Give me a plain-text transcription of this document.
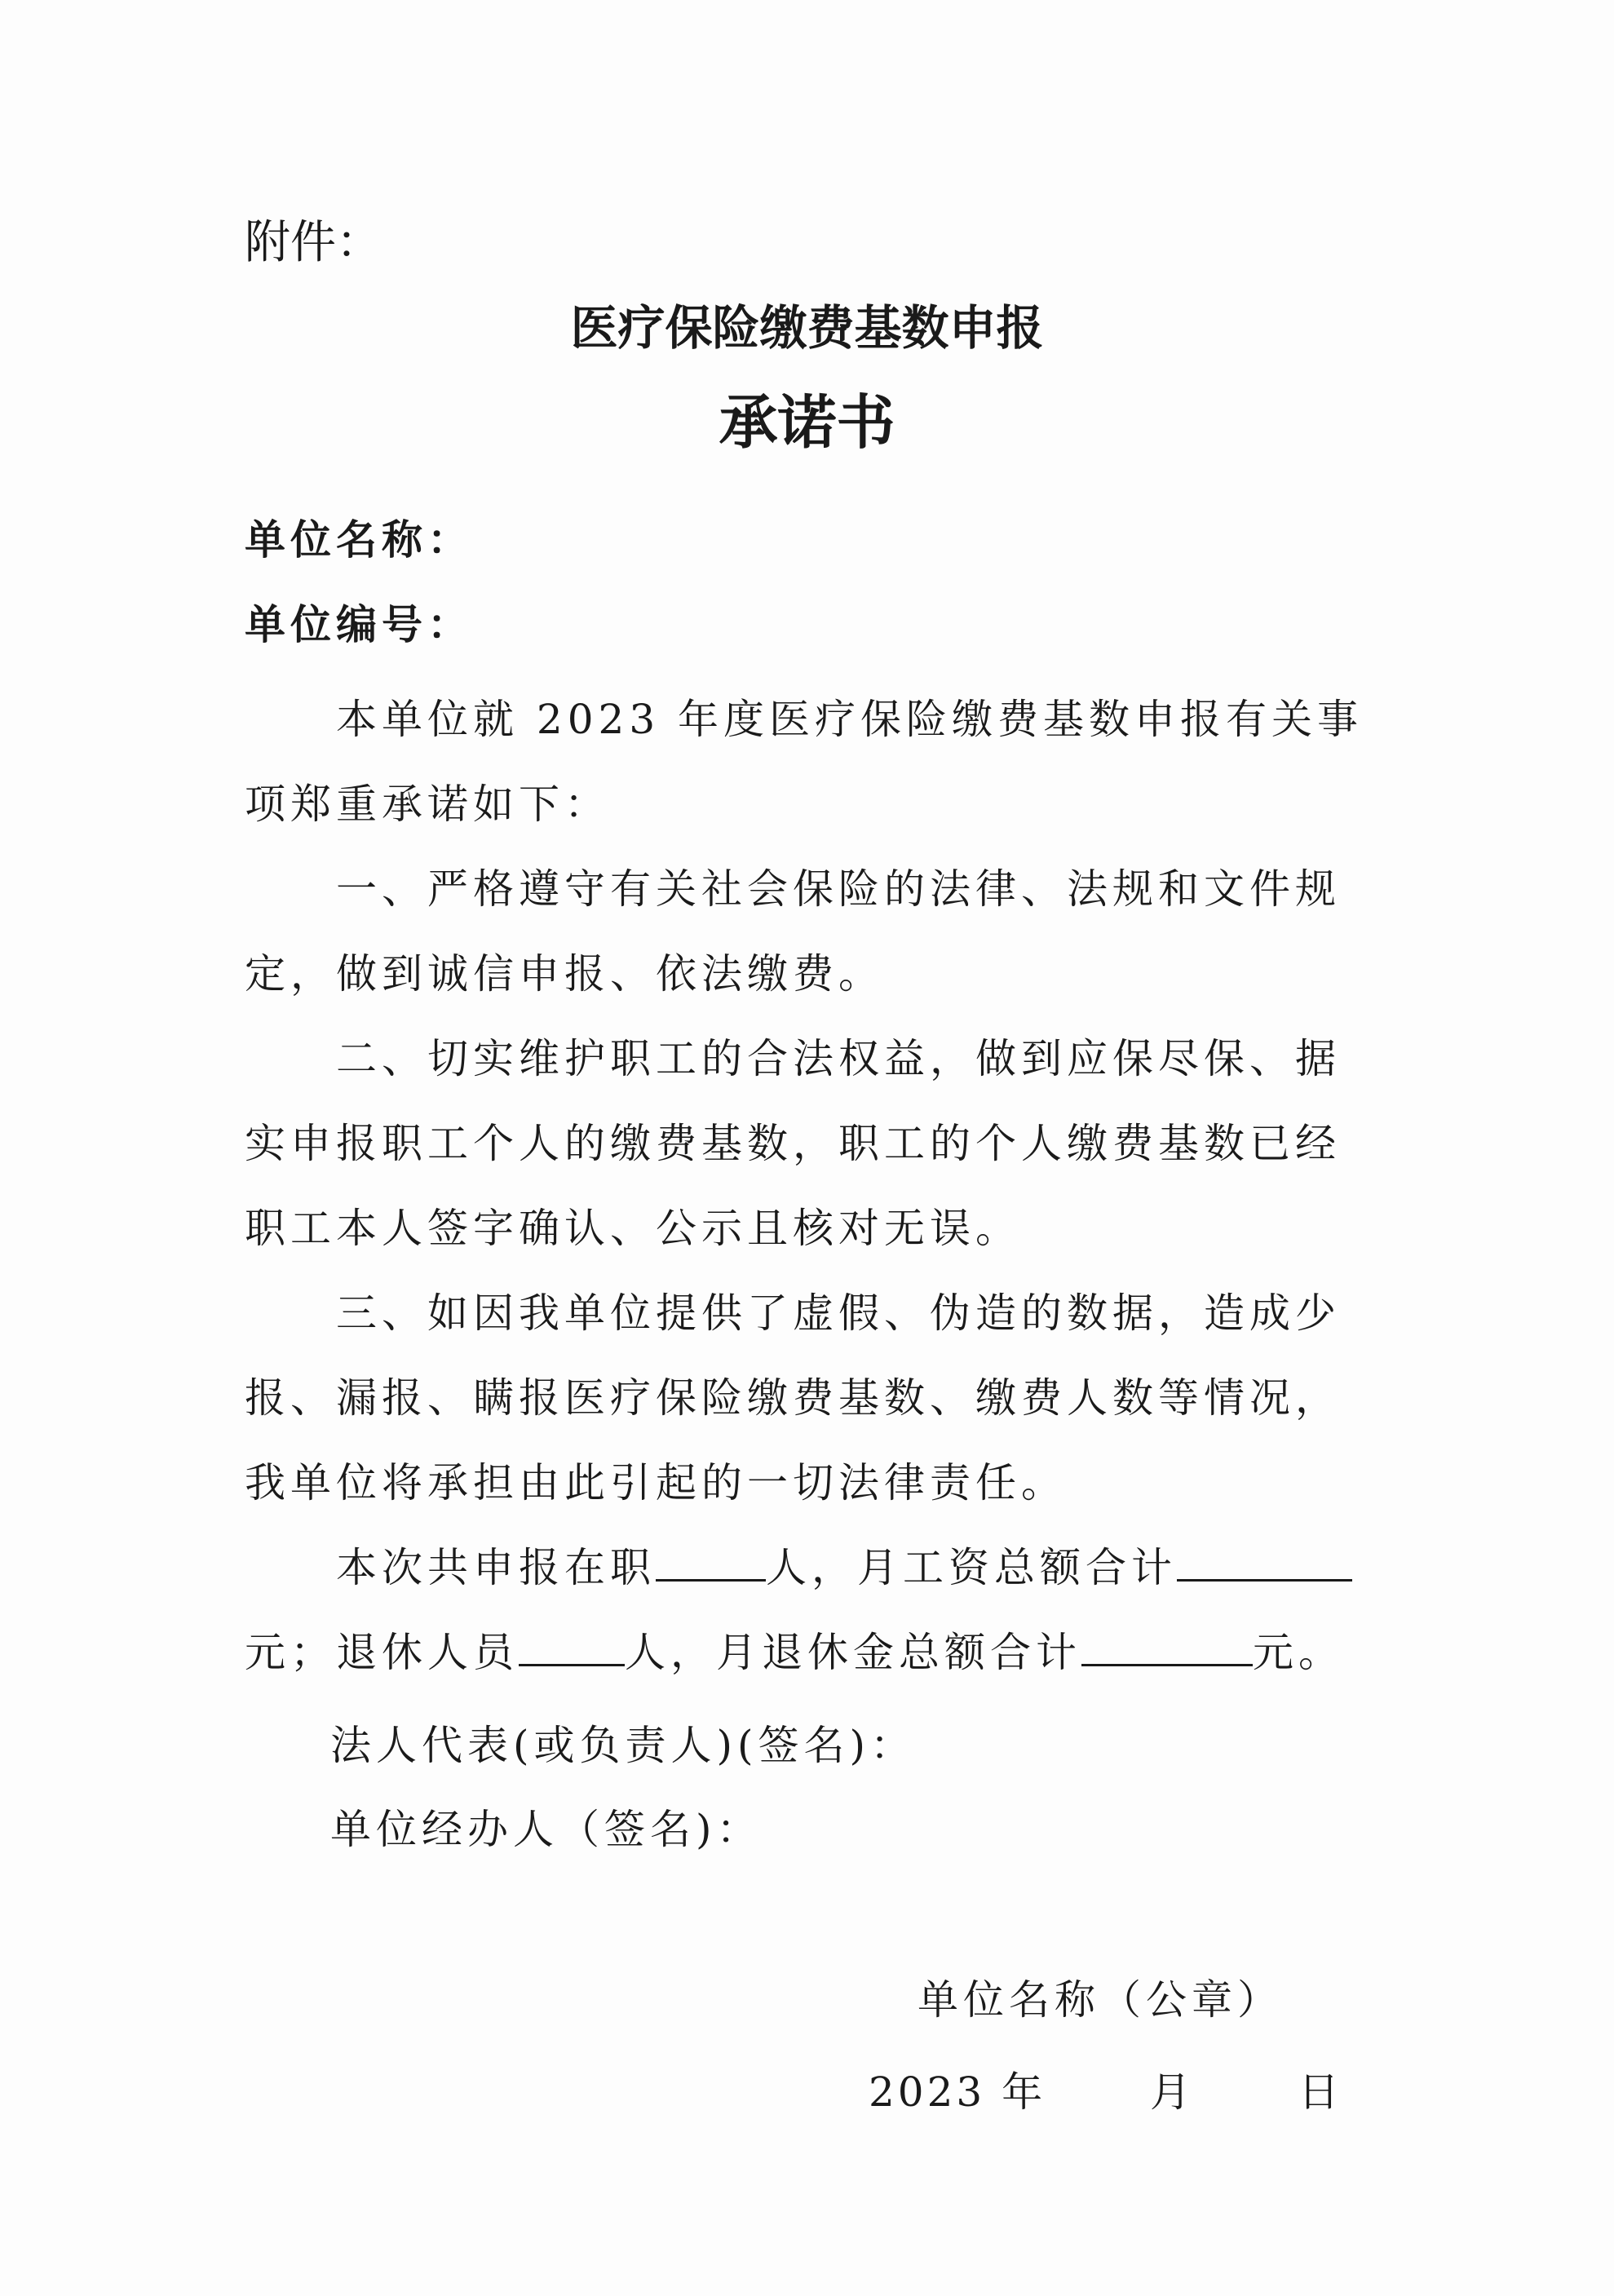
附件：
医疗保险缴费基数申报
承诺书
单位名称：
单位编号：

本单位就 2023 年度医疗保险缴费基数申报有关事项郑重承诺如下：

一、严格遵守有关社会保险的法律、法规和文件规定，做到诚信申报、依法缴费。

二、切实维护职工的合法权益，做到应保尽保、据实申报职工个人的缴费基数，职工的个人缴费基数已经职工本人签字确认、公示且核对无误。

三、如因我单位提供了虚假、伪造的数据，造成少报、漏报、瞒报医疗保险缴费基数、缴费人数等情况，我单位将承担由此引起的一切法律责任。

本次共申报在职	人，月工资总额合计元；退休人员	人，月退休金总额合计	元。

法人代表(或负责人)(签名)：
单位经办人（签名)：
单位名称（公章）
2023 年　　 月　　 日
